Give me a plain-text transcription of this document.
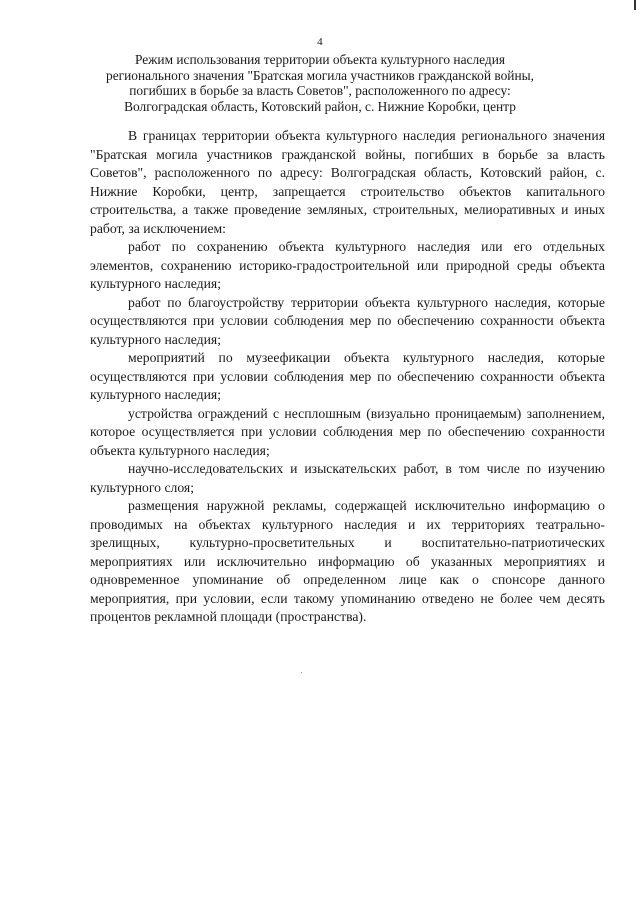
4
Режим использования территории объекта культурного наследия
регионального значения "Братская могила участников гражданской войны,
погибших в борьбе за власть Советов", расположенного по адресу:
Волгоградская область, Котовский район, с. Нижние Коробки, центр

В границах территории объекта культурного наследия регионального значения "Братская могила участников гражданской войны, погибших в борьбе за власть Советов", расположенного по адресу: Волгоградская область, Котовский район, с. Нижние Коробки, центр, запрещается строительство объектов капитального строительства, а также проведение земляных, строительных, мелиоративных и иных работ, за исключением:

работ по сохранению объекта культурного наследия или его отдельных элементов, сохранению историко-градостроительной или природной среды объекта культурного наследия;

работ по благоустройству территории объекта культурного наследия, которые осуществляются при условии соблюдения мер по обеспечению сохранности объекта культурного наследия;

мероприятий по музеефикации объекта культурного наследия, которые осуществляются при условии соблюдения мер по обеспечению сохранности объекта культурного наследия;

устройства ограждений с несплошным (визуально проницаемым) заполнением, которое осуществляется при условии соблюдения мер по обеспечению сохранности объекта культурного наследия;

научно-исследовательских и изыскательских работ, в том числе по изучению культурного слоя;

размещения наружной рекламы, содержащей исключительно информацию о проводимых на объектах культурного наследия и их территориях театрально-зрелищных, культурно-просветительных и воспитательно-патриотических мероприятиях или исключительно информацию об указанных мероприятиях и одновременное упоминание об определенном лице как о спонсоре данного мероприятия, при условии, если такому упоминанию отведено не более чем десять процентов рекламной площади (пространства).
